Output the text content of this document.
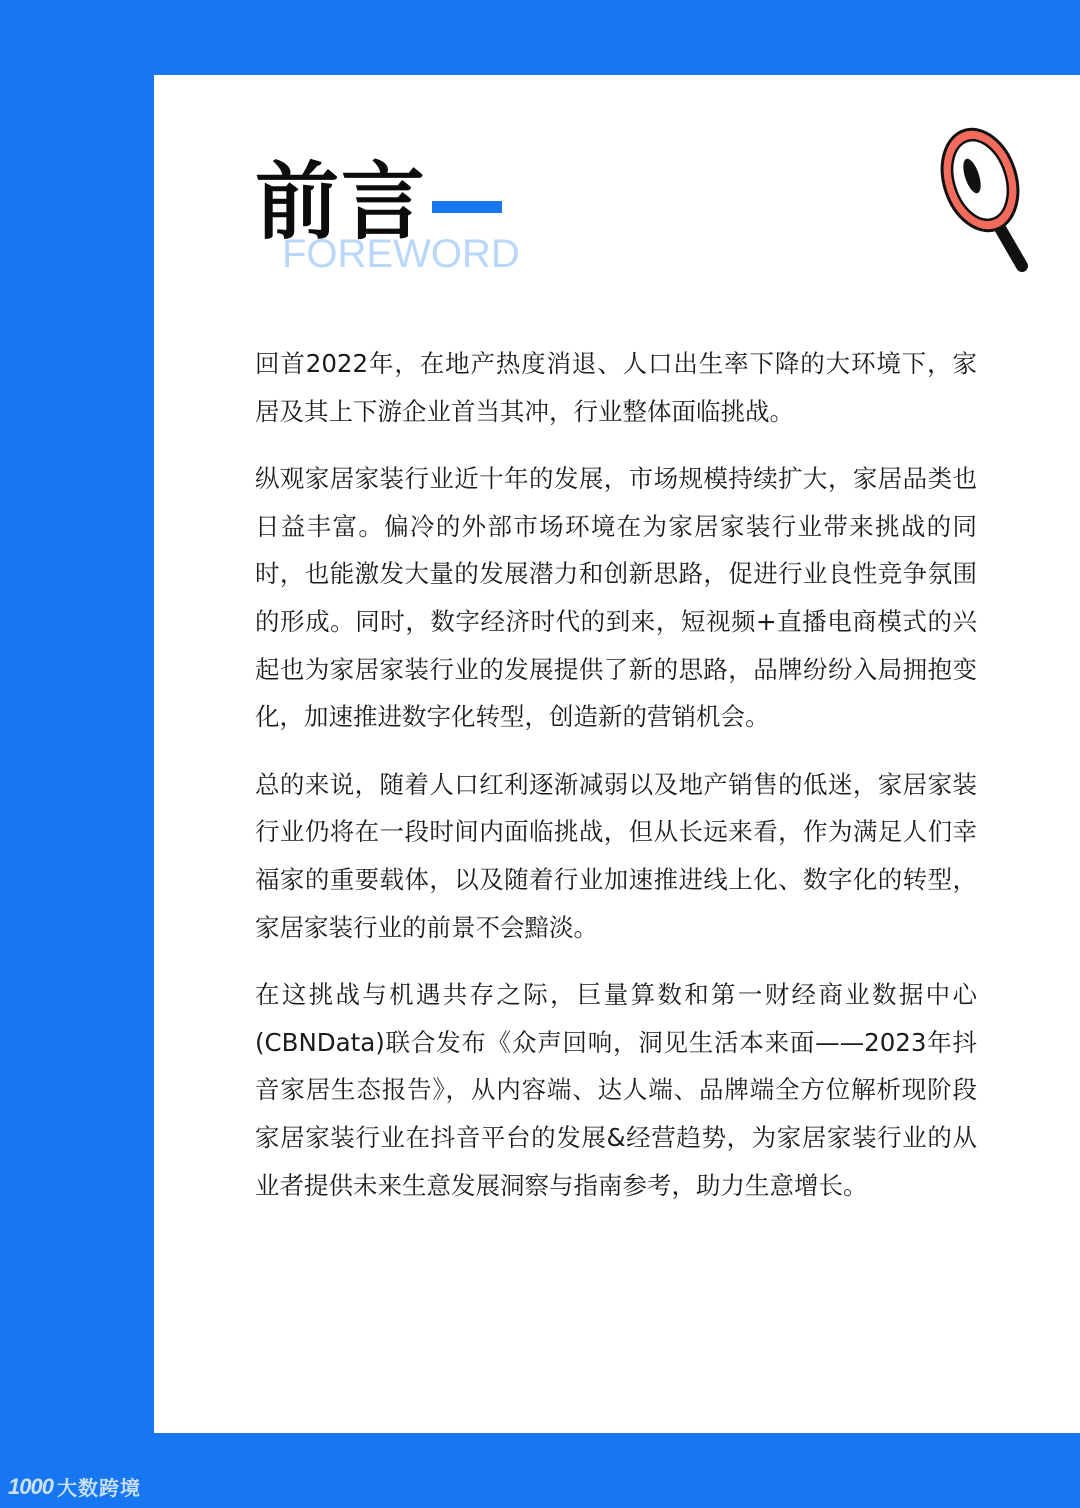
前言
FOREWORD

回首2022年，在地产热度消退、人口出生率下降的大环境下，家居及其上下游企业首当其冲，行业整体面临挑战。

纵观家居家装行业近十年的发展，市场规模持续扩大，家居品类也日益丰富。偏冷的外部市场环境在为家居家装行业带来挑战的同时，也能激发大量的发展潜力和创新思路，促进行业良性竞争氛围的形成。同时，数字经济时代的到来，短视频+直播电商模式的兴起也为家居家装行业的发展提供了新的思路，品牌纷纷入局拥抱变化，加速推进数字化转型，创造新的营销机会。

总的来说，随着人口红利逐渐减弱以及地产销售的低迷，家居家装行业仍将在一段时间内面临挑战，但从长远来看，作为满足人们幸福家的重要载体，以及随着行业加速推进线上化、数字化的转型，家居家装行业的前景不会黯淡。

在这挑战与机遇共存之际，巨量算数和第一财经商业数据中心(CBNData)联合发布《众声回响，洞见生活本来面——2023年抖音家居生态报告》，从内容端、达人端、品牌端全方位解析现阶段家居家装行业在抖音平台的发展&经营趋势，为家居家装行业的从业者提供未来生意发展洞察与指南参考，助力生意增长。

1000 大数跨境
